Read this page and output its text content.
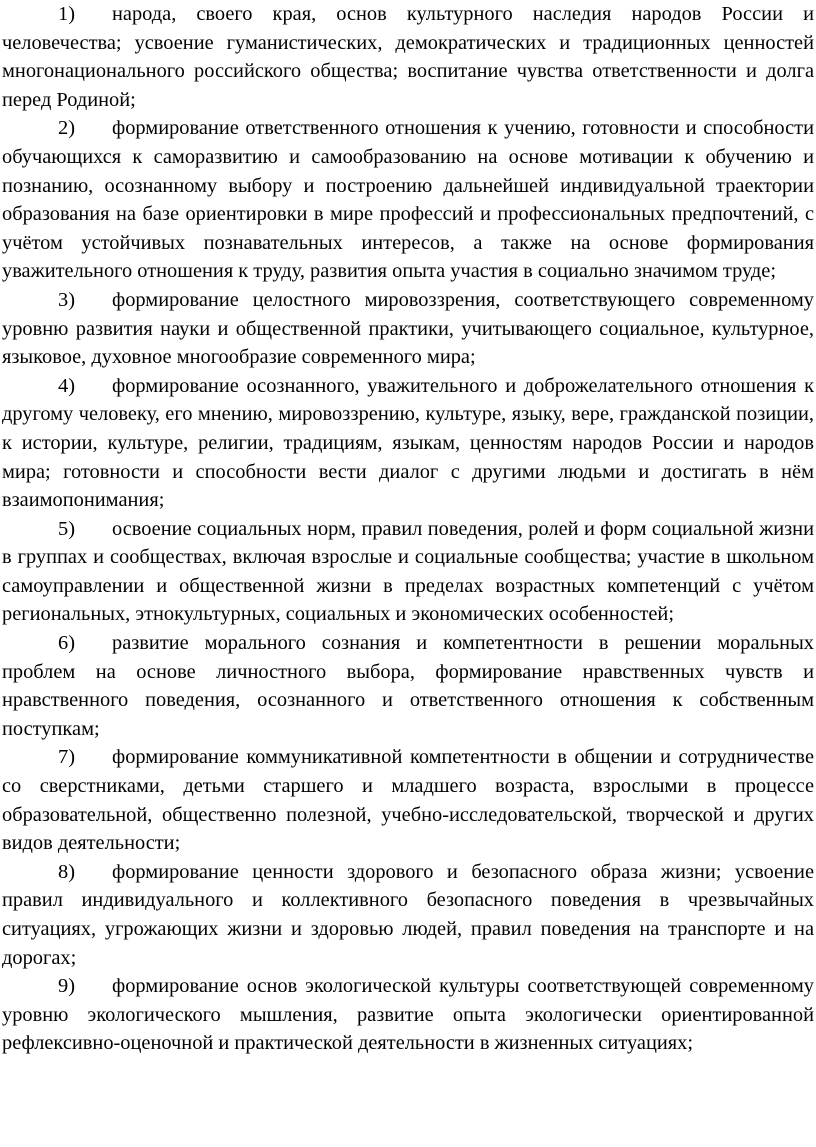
1) народа, своего края, основ культурного наследия народов России и человечества; усвоение гуманистических, демократических и традиционных ценностей многонационального российского общества; воспитание чувства ответственности и долга перед Родиной;

2) формирование ответственного отношения к учению, готовности и способности обучающихся к саморазвитию и самообразованию на основе мотивации к обучению и познанию, осознанному выбору и построению дальнейшей индивидуальной траектории образования на базе ориентировки в мире профессий и профессиональных предпочтений, с учётом устойчивых познавательных интересов, а также на основе формирования уважительного отношения к труду, развития опыта участия в социально значимом труде;

3) формирование целостного мировоззрения, соответствующего современному уровню развития науки и общественной практики, учитывающего социальное, культурное, языковое, духовное многообразие современного мира;

4) формирование осознанного, уважительного и доброжелательного отношения к другому человеку, его мнению, мировоззрению, культуре, языку, вере, гражданской позиции, к истории, культуре, религии, традициям, языкам, ценностям народов России и народов мира; готовности и способности вести диалог с другими людьми и достигать в нём взаимопонимания;

5) освоение социальных норм, правил поведения, ролей и форм социальной жизни в группах и сообществах, включая взрослые и социальные сообщества; участие в школьном самоуправлении и общественной жизни в пределах возрастных компетенций с учётом региональных, этнокультурных, социальных и экономических особенностей;

6) развитие морального сознания и компетентности в решении моральных проблем на основе личностного выбора, формирование нравственных чувств и нравственного поведения, осознанного и ответственного отношения к собственным поступкам;

7) формирование коммуникативной компетентности в общении и сотрудничестве со сверстниками, детьми старшего и младшего возраста, взрослыми в процессе образовательной, общественно полезной, учебно-исследовательской, творческой и других видов деятельности;

8) формирование ценности здорового и безопасного образа жизни; усвоение правил индивидуального и коллективного безопасного поведения в чрезвычайных ситуациях, угрожающих жизни и здоровью людей, правил поведения на транспорте и на дорогах;

9) формирование основ экологической культуры соответствующей современному уровню экологического мышления, развитие опыта экологически ориентированной рефлексивно-оценочной и практической деятельности в жизненных ситуациях;
